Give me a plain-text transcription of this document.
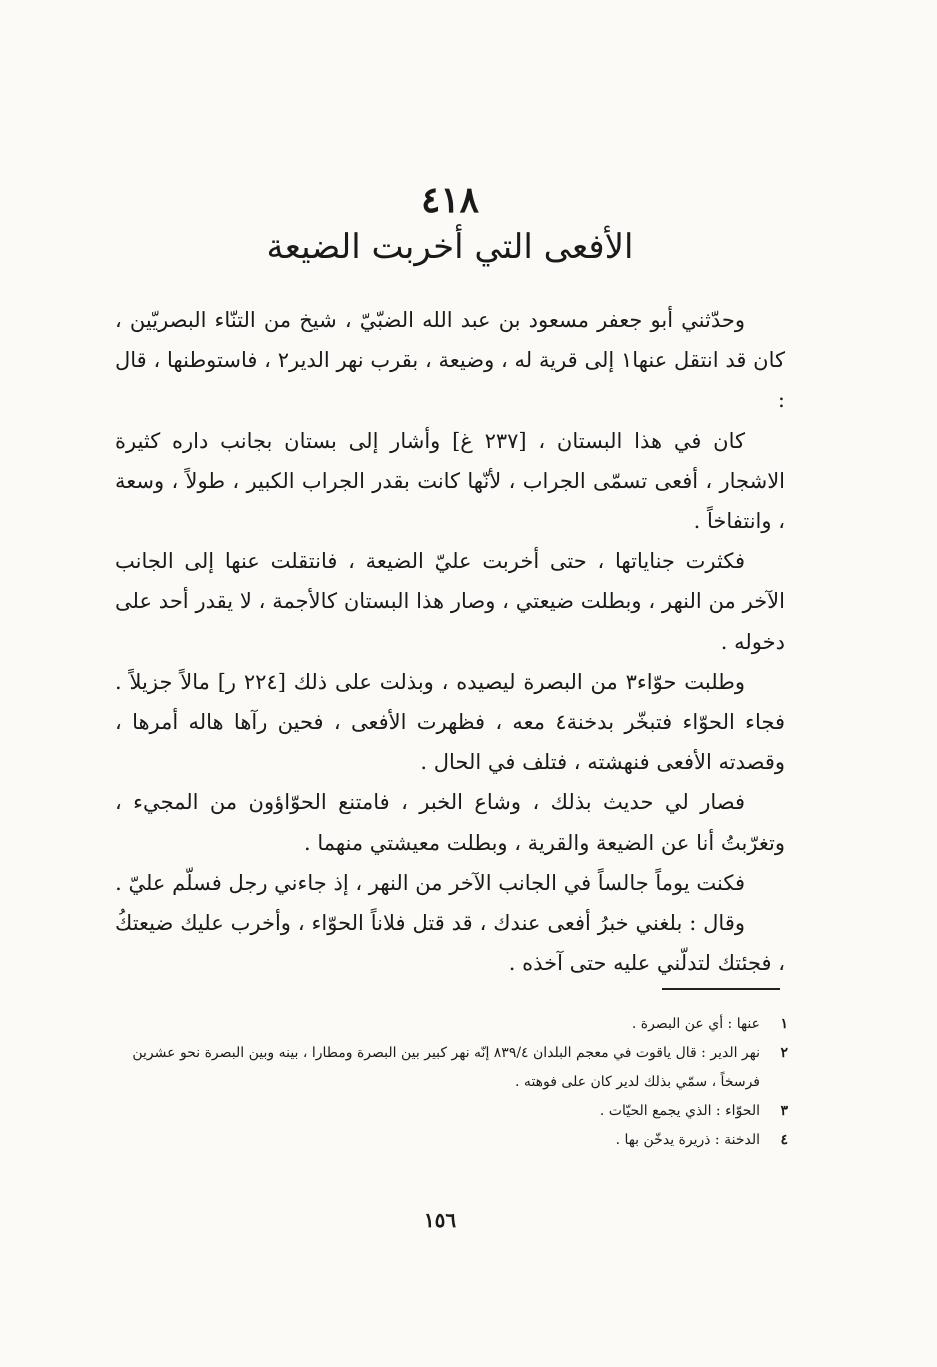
٤١٨
الأفعى التي أخربت الضيعة

وحدّثني أبو جعفر مسعود بن عبد الله الضبّيّ ، شيخ من التنّاء البصريّين ، كان قد انتقل عنها١ إلى قرية له ، وضيعة ، بقرب نهر الدير٢ ، فاستوطنها ، قال :

كان في هذا البستان ، [٢٣٧ غ] وأشار إلى بستان بجانب داره كثيرة الاشجار ، أفعى تسمّى الجراب ، لأنّها كانت بقدر الجراب الكبير ، طولاً ، وسعة ، وانتفاخاً .

فكثرت جناياتها ، حتى أخربت عليّ الضيعة ، فانتقلت عنها إلى الجانب الآخر من النهر ، وبطلت ضيعتي ، وصار هذا البستان كالأجمة ، لا يقدر أحد على دخوله .

وطلبت حوّاء٣ من البصرة ليصيده ، وبذلت على ذلك [٢٢٤ ر] مالاً جزيلاً . فجاء الحوّاء فتبخّر بدخنة٤ معه ، فظهرت الأفعى ، فحين رآها هاله أمرها ، وقصدته الأفعى فنهشته ، فتلف في الحال .

فصار لي حديث بذلك ، وشاع الخبر ، فامتنع الحوّاؤون من المجيء ، وتغرّبتُ أنا عن الضيعة والقرية ، وبطلت معيشتي منهما .

فكنت يوماً جالساً في الجانب الآخر من النهر ، إذ جاءني رجل فسلّم عليّ .

وقال : بلغني خبرُ أفعى عندك ، قد قتل فلاناً الحوّاء ، وأخرب عليك ضيعتكُ ، فجئتك لتدلّني عليه حتى آخذه .

١
عنها : أي عن البصرة .
٢
نهر الدير : قال ياقوت في معجم البلدان ٨٣٩/٤ إنّه نهر كبير بين البصرة ومطارا ، بينه وبين البصرة نحو عشرين فرسخاً ، سمّي بذلك لدير كان على فوهته .
٣
الحوّاء : الذي يجمع الحيّات .
٤
الدخنة : ذريرة يدخّن بها .
١٥٦
